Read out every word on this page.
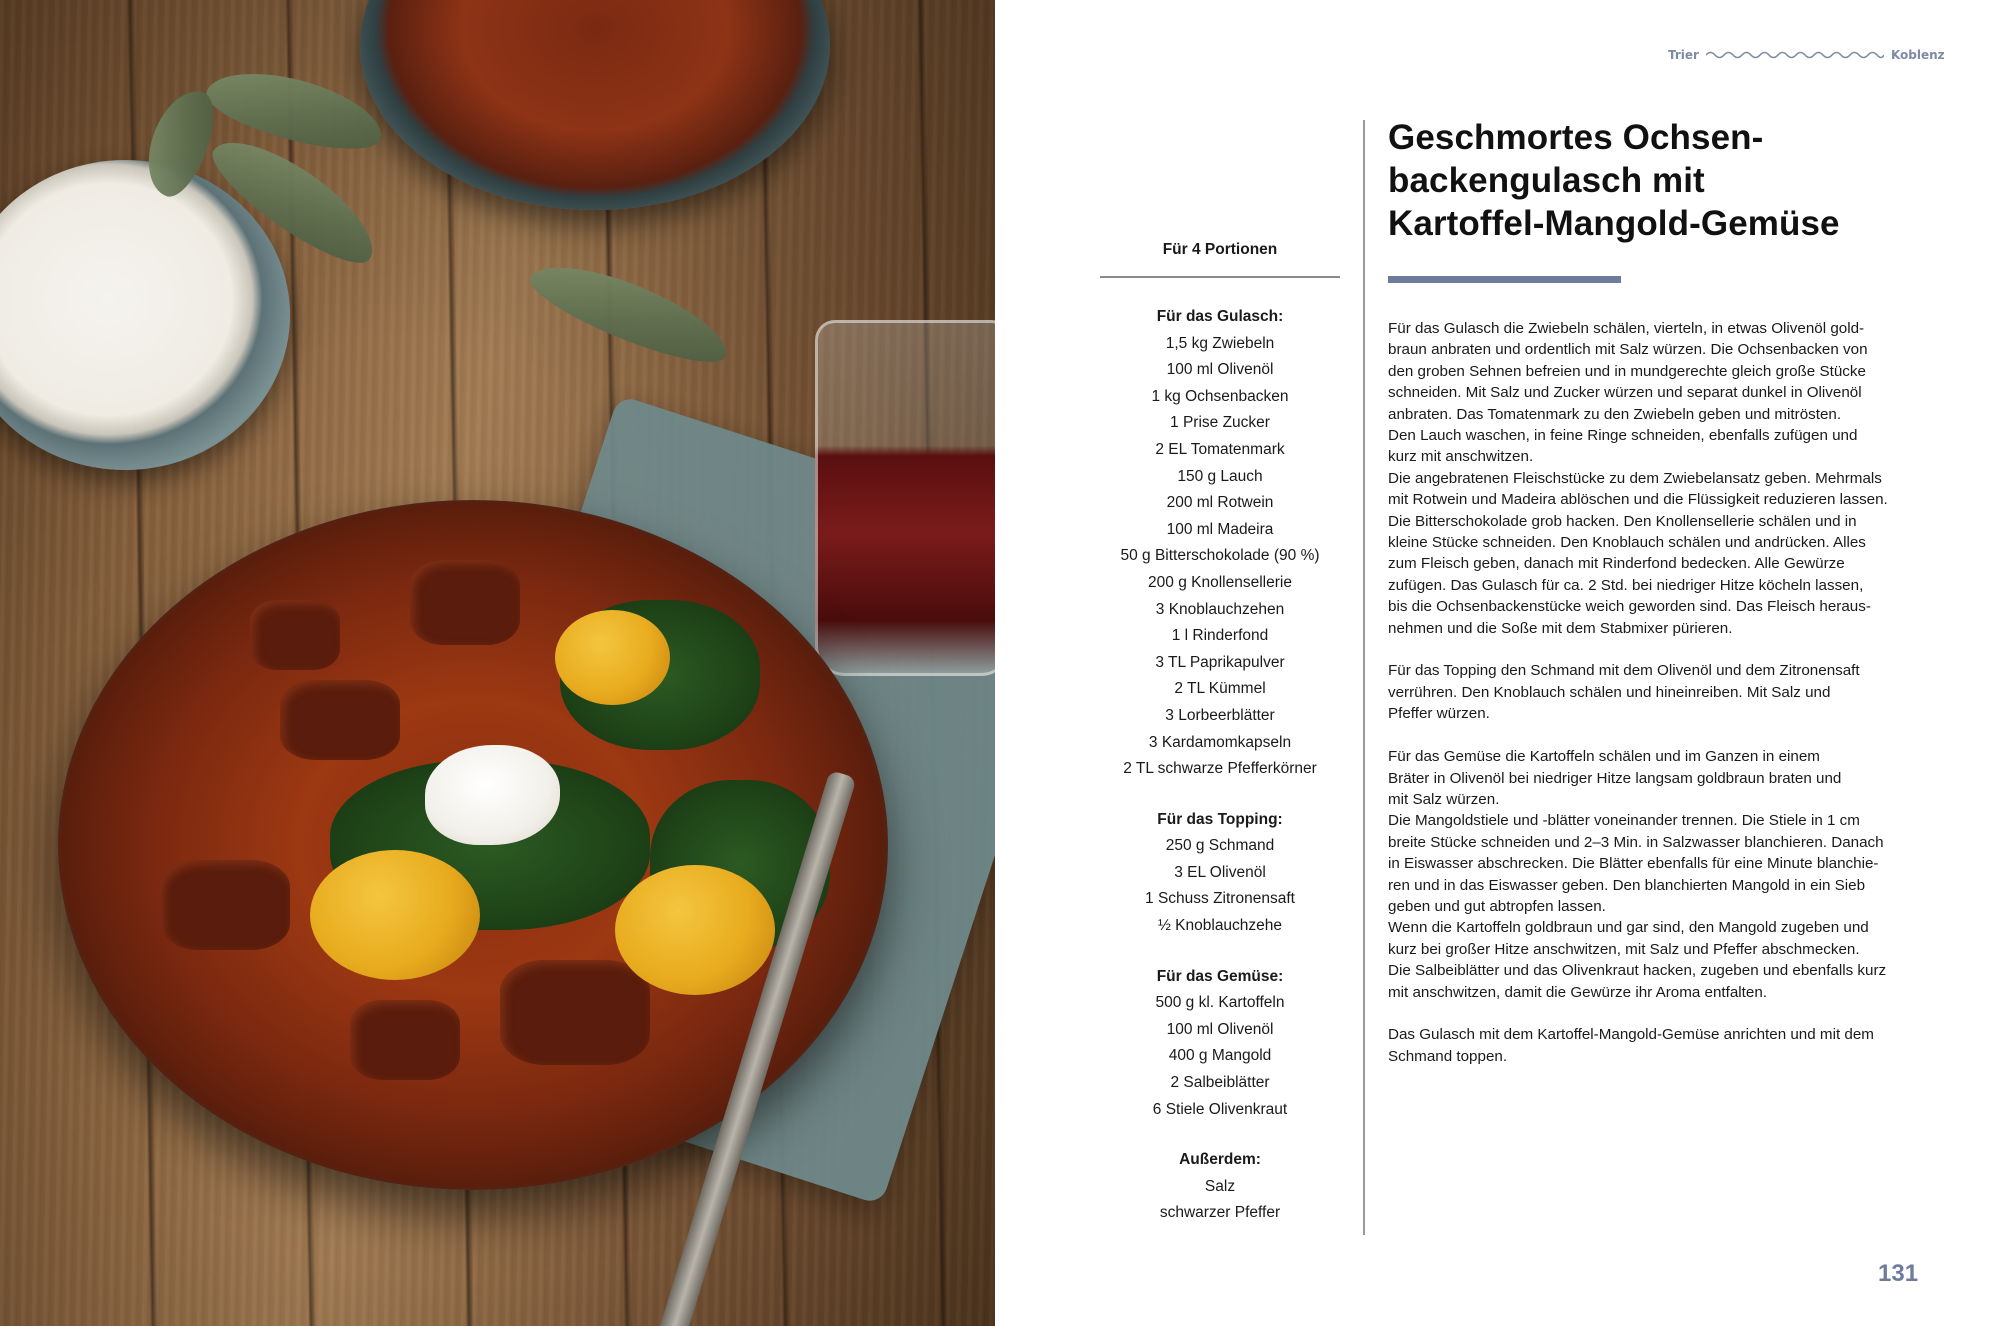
Trier	Koblenz
Geschmortes Ochsen-
backengulasch mit
Kartoffel-Mangold-Gemüse
Für 4 Portionen
Für das Gulasch:
1,5 kg Zwiebeln
100 ml Olivenöl
1 kg Ochsenbacken
1 Prise Zucker
2 EL Tomatenmark
150 g Lauch
200 ml Rotwein
100 ml Madeira
50 g Bitterschokolade (90 %)
200 g Knollensellerie
3 Knoblauchzehen
1 l Rinderfond
3 TL Paprikapulver
2 TL Kümmel
3 Lorbeerblätter
3 Kardamomkapseln
2 TL schwarze Pfefferkörner
Für das Topping:
250 g Schmand
3 EL Olivenöl
1 Schuss Zitronensaft
½ Knoblauchzehe
Für das Gemüse:
500 g kl. Kartoffeln
100 ml Olivenöl
400 g Mangold
2 Salbeiblätter
6 Stiele Olivenkraut
Außerdem:
Salz
schwarzer Pfeffer

Für das Gulasch die Zwiebeln schälen, vierteln, in etwas Olivenöl gold-
braun anbraten und ordentlich mit Salz würzen. Die Ochsenbacken von
den groben Sehnen befreien und in mundgerechte gleich große Stücke
schneiden. Mit Salz und Zucker würzen und separat dunkel in Olivenöl
anbraten. Das Tomatenmark zu den Zwiebeln geben und mitrösten.
Den Lauch waschen, in feine Ringe schneiden, ebenfalls zufügen und
kurz mit anschwitzen.
Die angebratenen Fleischstücke zu dem Zwiebelansatz geben. Mehrmals
mit Rotwein und Madeira ablöschen und die Flüssigkeit reduzieren lassen.
Die Bitterschokolade grob hacken. Den Knollensellerie schälen und in
kleine Stücke schneiden. Den Knoblauch schälen und andrücken. Alles
zum Fleisch geben, danach mit Rinderfond bedecken. Alle Gewürze
zufügen. Das Gulasch für ca. 2 Std. bei niedriger Hitze köcheln lassen,
bis die Ochsenbackenstücke weich geworden sind. Das Fleisch heraus-
nehmen und die Soße mit dem Stabmixer pürieren.

Für das Topping den Schmand mit dem Olivenöl und dem Zitronensaft
verrühren. Den Knoblauch schälen und hineinreiben. Mit Salz und
Pfeffer würzen.

Für das Gemüse die Kartoffeln schälen und im Ganzen in einem
Bräter in Olivenöl bei niedriger Hitze langsam goldbraun braten und
mit Salz würzen.
Die Mangoldstiele und -blätter voneinander trennen. Die Stiele in 1 cm
breite Stücke schneiden und 2–3 Min. in Salzwasser blanchieren. Danach
in Eiswasser abschrecken. Die Blätter ebenfalls für eine Minute blanchie-
ren und in das Eiswasser geben. Den blanchierten Mangold in ein Sieb
geben und gut abtropfen lassen.
Wenn die Kartoffeln goldbraun und gar sind, den Mangold zugeben und
kurz bei großer Hitze anschwitzen, mit Salz und Pfeffer abschmecken.
Die Salbeiblätter und das Olivenkraut hacken, zugeben und ebenfalls kurz
mit anschwitzen, damit die Gewürze ihr Aroma entfalten.

Das Gulasch mit dem Kartoffel-Mangold-Gemüse anrichten und mit dem
Schmand toppen.

131
